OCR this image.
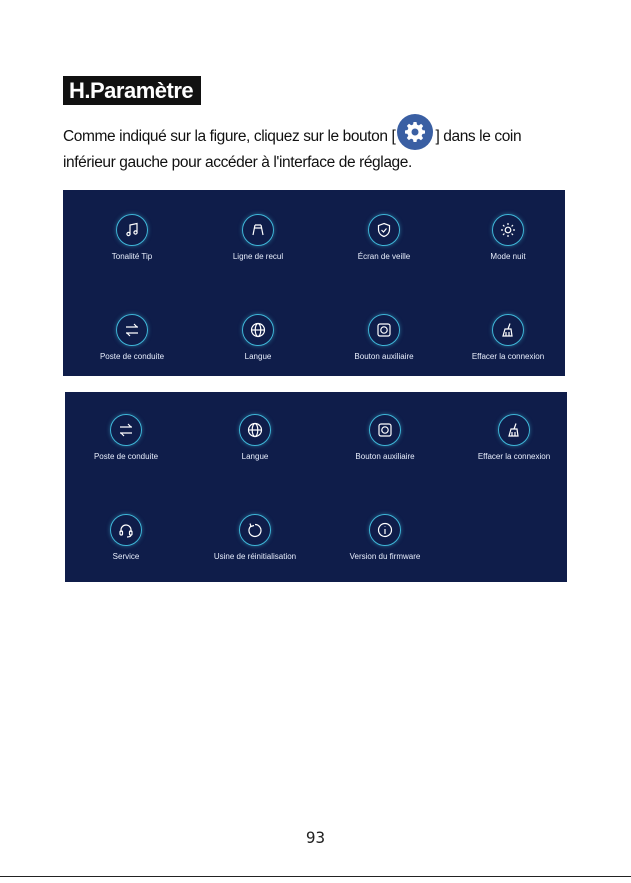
H.Paramètre
Comme indiqué sur la figure, cliquez sur le bouton [	] dans le coin inférieur gauche pour accéder à l'interface de réglage.
Tonalité Tip	Ligne de recul	Écran de veille	Mode nuit
Poste de conduite	Langue	Bouton auxiliaire	Effacer la connexion
Poste de conduite	Langue	Bouton auxiliaire	Effacer la connexion
Service	Usine de réinitialisation	Version du firmware
93
